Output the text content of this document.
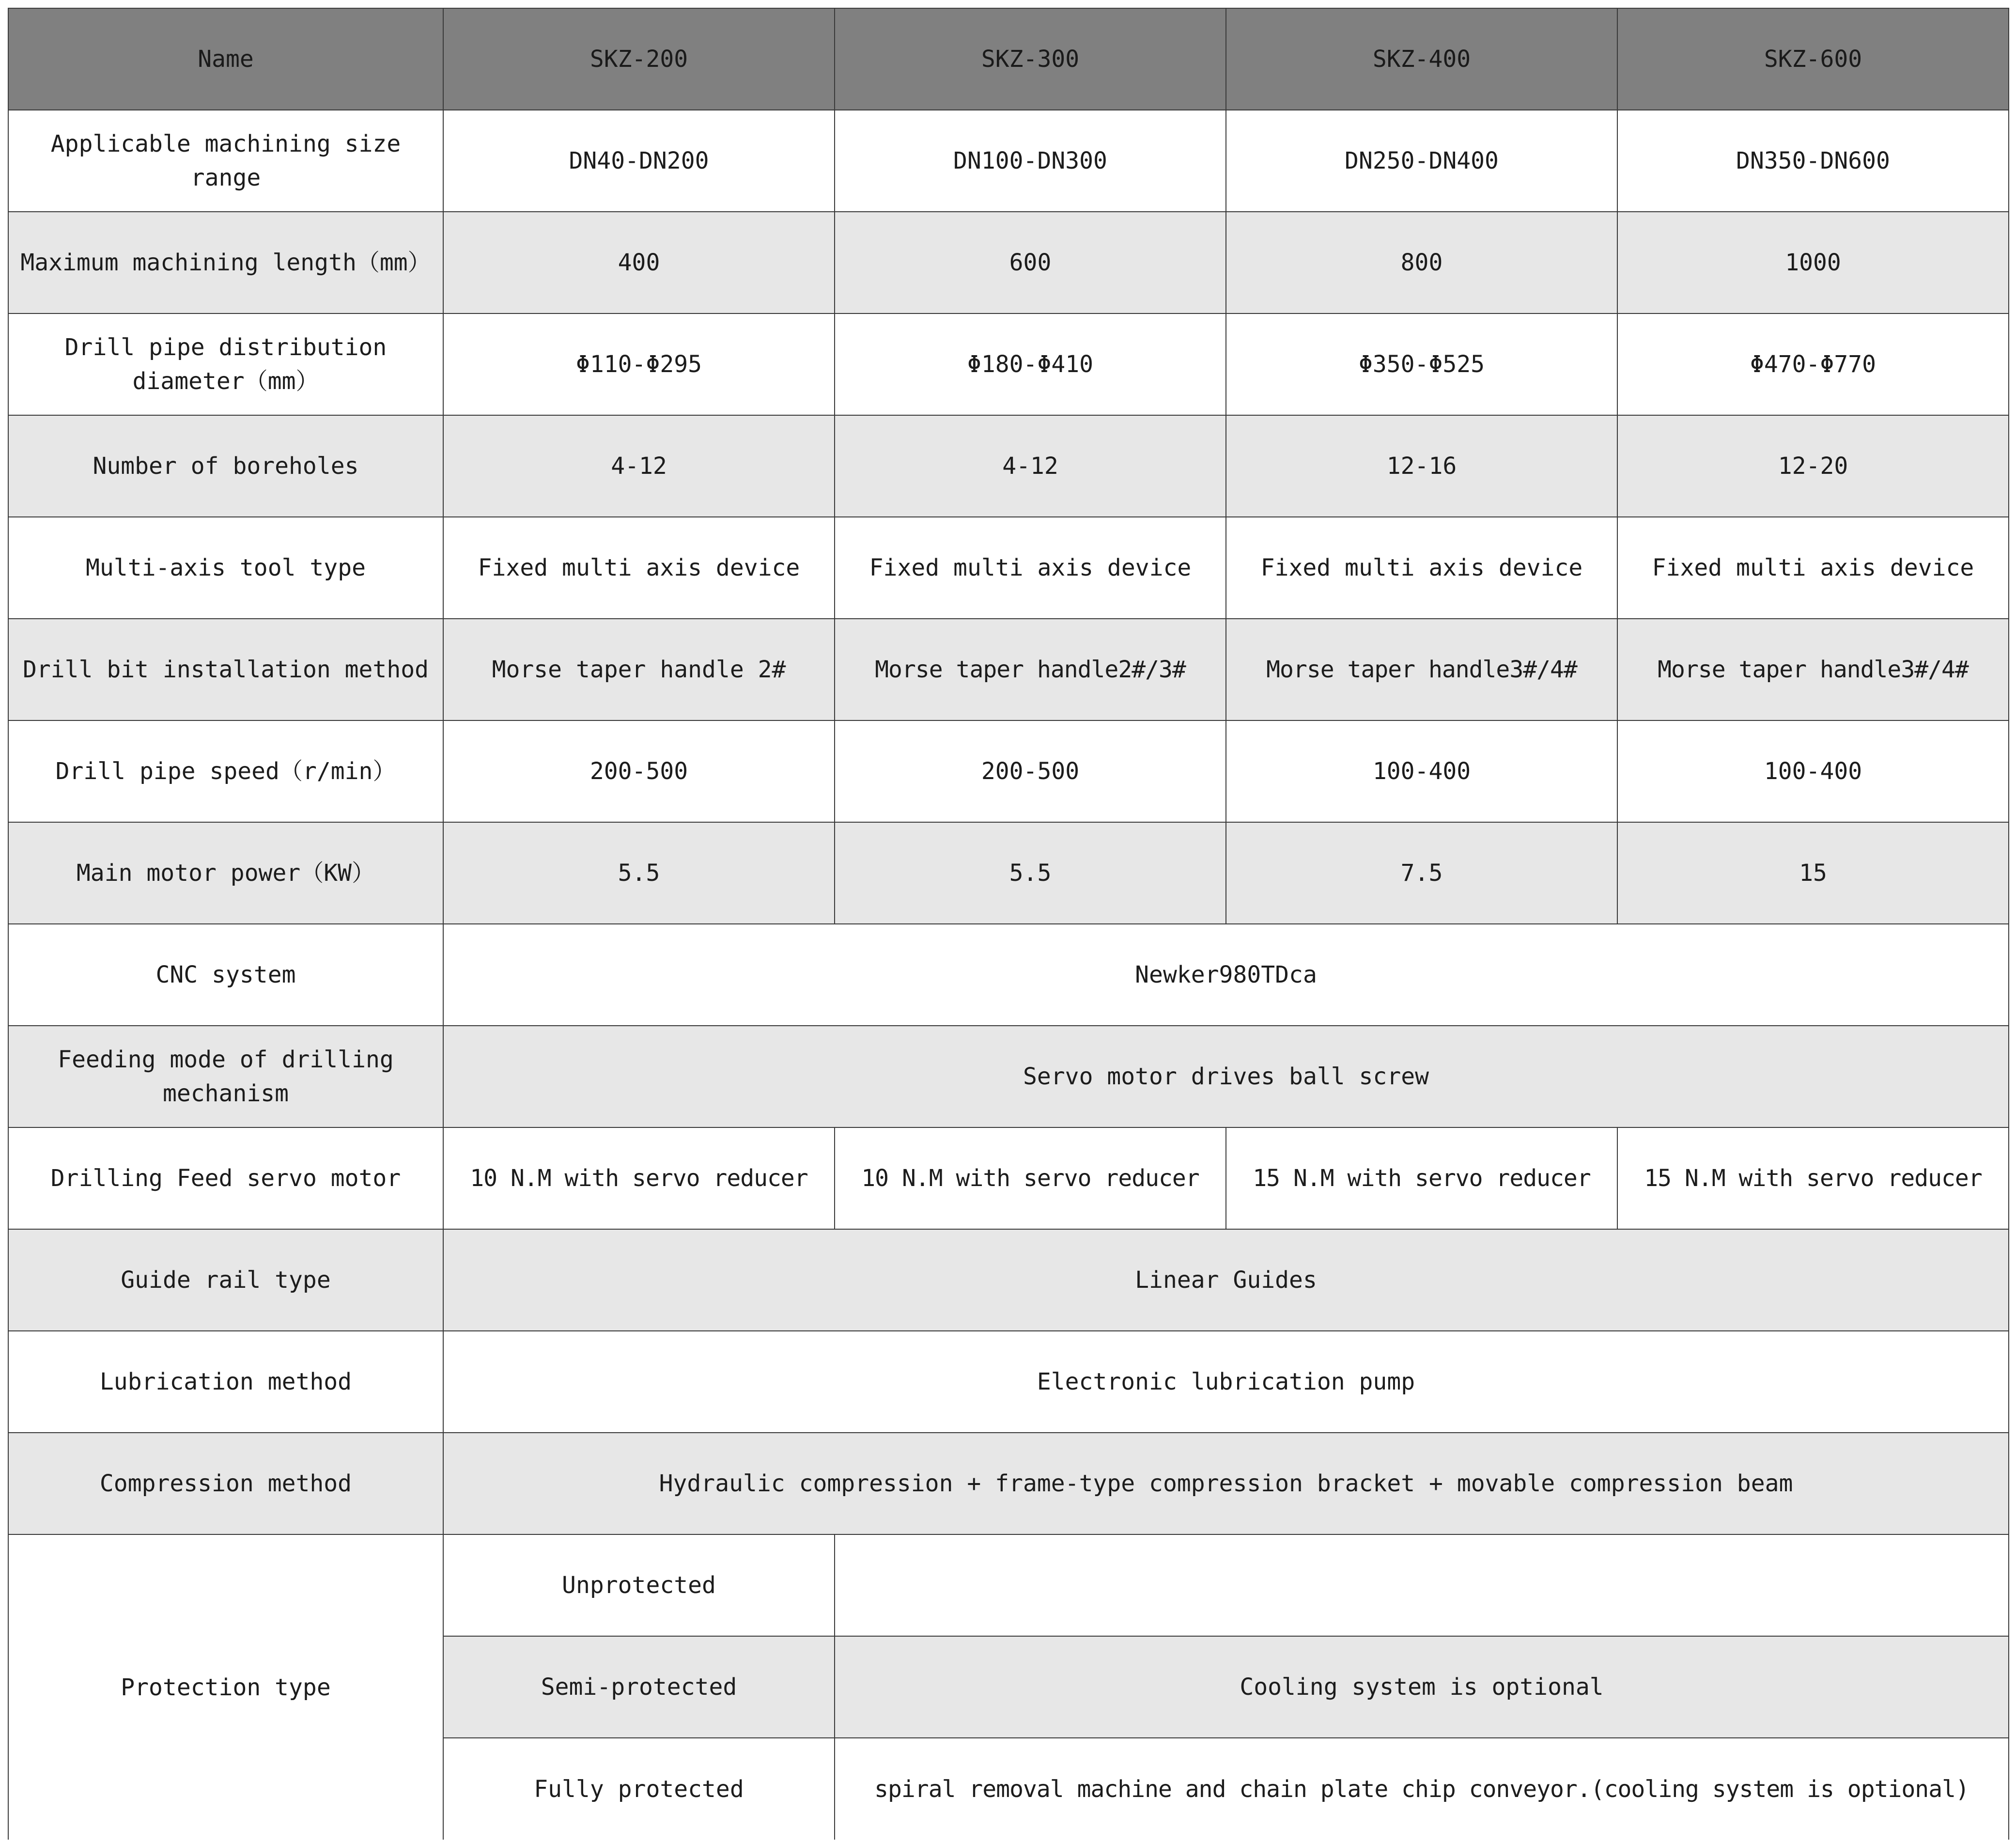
Name	SKZ-200	SKZ-300	SKZ-400	SKZ-600
Applicable machining size range	DN40-DN200	DN100-DN300	DN250-DN400	DN350-DN600
Maximum machining length（mm）	400	600	800	1000
Drill pipe distribution diameter（mm）	Φ110-Φ295	Φ180-Φ410	Φ350-Φ525	Φ470-Φ770
Number of boreholes	4-12	4-12	12-16	12-20
Multi-axis tool type	Fixed multi axis device	Fixed multi axis device	Fixed multi axis device	Fixed multi axis device
Drill bit installation method	Morse taper handle 2#	Morse taper handle2#/3#	Morse taper handle3#/4#	Morse taper handle3#/4#
Drill pipe speed（r/min）	200-500	200-500	100-400	100-400
Main motor power（KW）	5.5	5.5	7.5	15
CNC system	Newker980TDca			
Feeding mode of drilling mechanism	Servo motor drives ball screw			
Drilling Feed servo motor	10 N.M with servo reducer	10 N.M with servo reducer	15 N.M with servo reducer	15 N.M with servo reducer
Guide rail type	Linear Guides			
Lubrication method	Electronic lubrication pump			
Compression method	Hydraulic compression + frame-type compression bracket + movable compression beam			
Protection type	Unprotected			
	Semi-protected	Cooling system is optional		
	Fully protected	spiral removal machine and chain plate chip conveyor.(cooling system is optional)		
